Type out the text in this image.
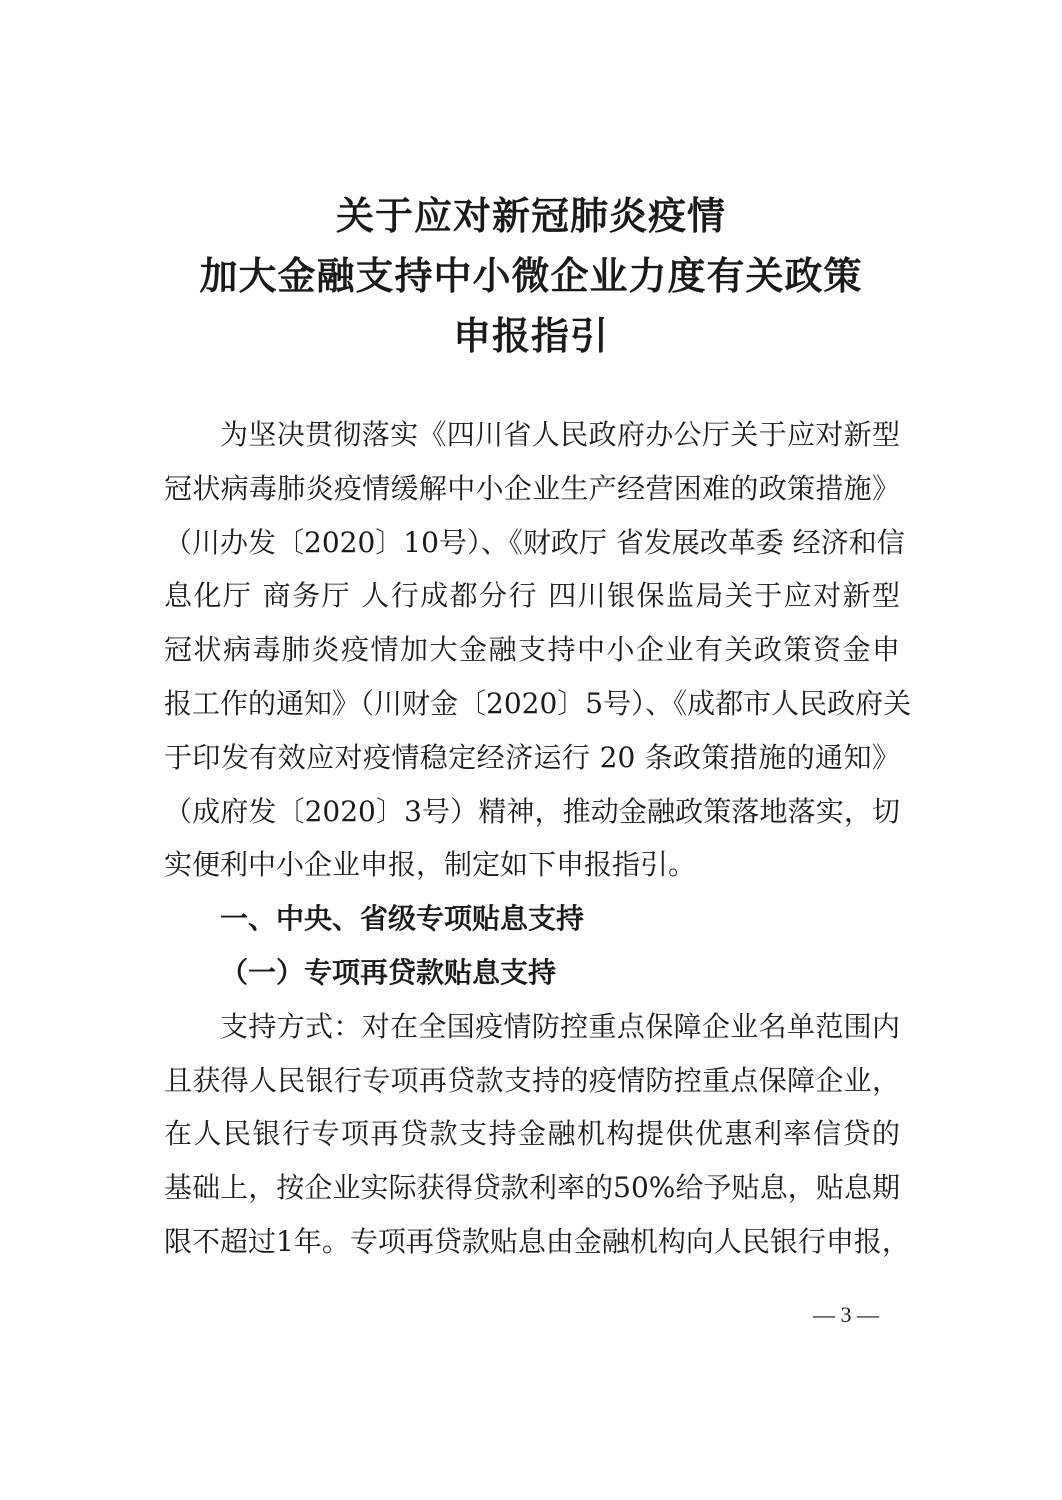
关于应对新冠肺炎疫情
加大金融支持中小微企业力度有关政策
申报指引
为坚决贯彻落实《四川省人民政府办公厅关于应对新型
冠状病毒肺炎疫情缓解中小企业生产经营困难的政策措施》
（川办发〔2020〕10号）、《财政厅 省发展改革委 经济和信
息化厅 商务厅 人行成都分行 四川银保监局关于应对新型
冠状病毒肺炎疫情加大金融支持中小企业有关政策资金申
报工作的通知》（川财金〔2020〕5号）、《成都市人民政府关
于印发有效应对疫情稳定经济运行 20 条政策措施的通知》
（成府发〔2020〕3号）精神，推动金融政策落地落实，切
实便利中小企业申报，制定如下申报指引。
一、中央、省级专项贴息支持
（一）专项再贷款贴息支持
支持方式：对在全国疫情防控重点保障企业名单范围内
且获得人民银行专项再贷款支持的疫情防控重点保障企业，
在人民银行专项再贷款支持金融机构提供优惠利率信贷的
基础上，按企业实际获得贷款利率的50%给予贴息，贴息期
限不超过1年。专项再贷款贴息由金融机构向人民银行申报，
— 3 —
